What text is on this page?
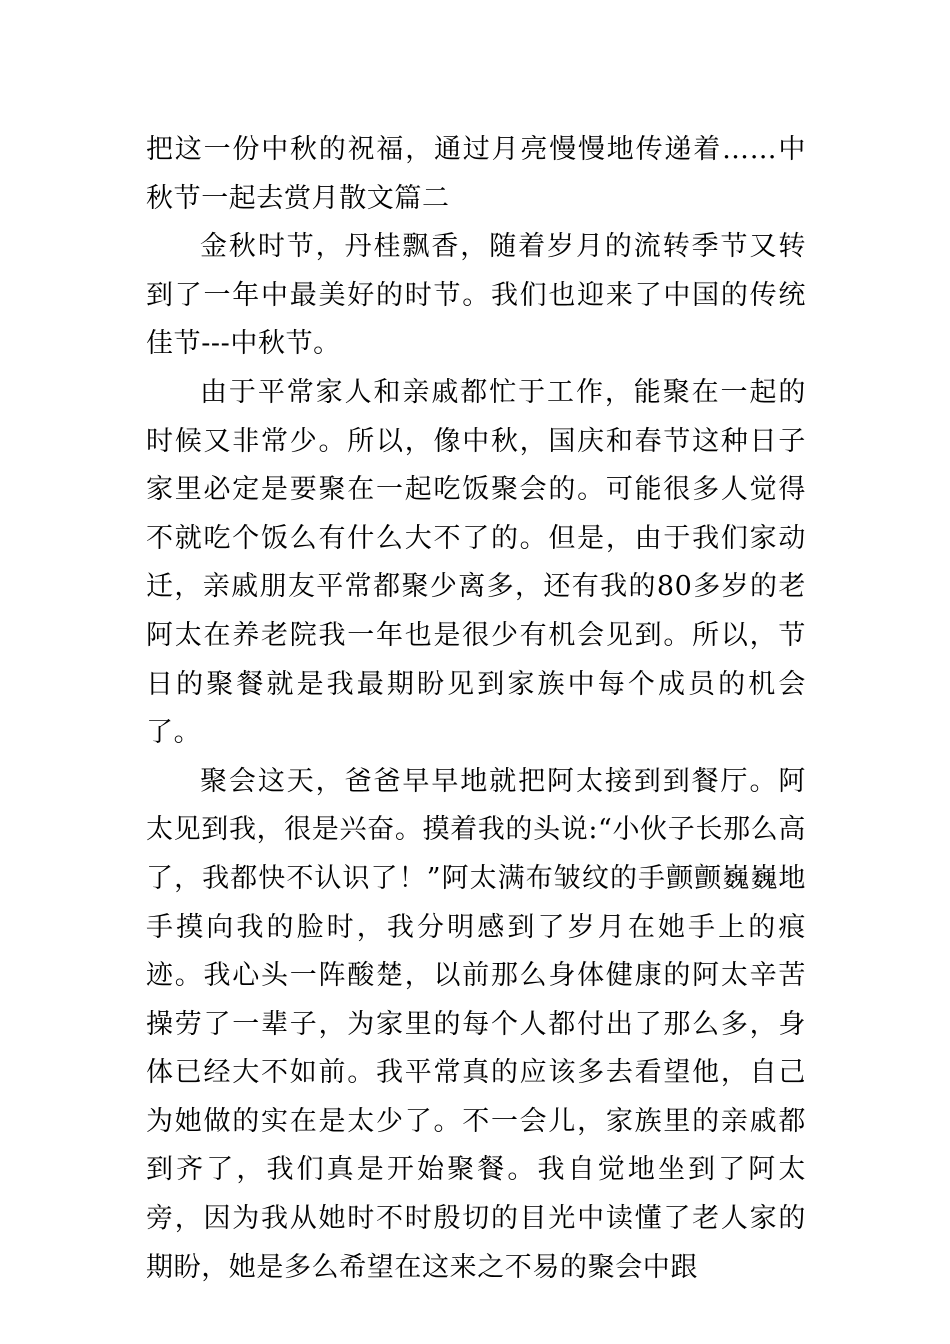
把这一份中秋的祝福，通过月亮慢慢地传递着……中秋节一起去赏月散文篇二

金秋时节，丹桂飘香，随着岁月的流转季节又转到了一年中最美好的时节。我们也迎来了中国的传统佳节---中秋节。

由于平常家人和亲戚都忙于工作，能聚在一起的时候又非常少。所以，像中秋，国庆和春节这种日子家里必定是要聚在一起吃饭聚会的。可能很多人觉得不就吃个饭么有什么大不了的。但是，由于我们家动迁，亲戚朋友平常都聚少离多，还有我的80多岁的老阿太在养老院我一年也是很少有机会见到。所以，节日的聚餐就是我最期盼见到家族中每个成员的机会了。

聚会这天，爸爸早早地就把阿太接到到餐厅。阿太见到我，很是兴奋。摸着我的头说:“小伙子长那么高了，我都快不认识了！”阿太满布皱纹的手颤颤巍巍地手摸向我的脸时，我分明感到了岁月在她手上的痕迹。我心头一阵酸楚，以前那么身体健康的阿太辛苦操劳了一辈子，为家里的每个人都付出了那么多，身体已经大不如前。我平常真的应该多去看望他，自己为她做的实在是太少了。不一会儿，家族里的亲戚都到齐了，我们真是开始聚餐。我自觉地坐到了阿太旁，因为我从她时不时殷切的目光中读懂了老人家的期盼，她是多么希望在这来之不易的聚会中跟
